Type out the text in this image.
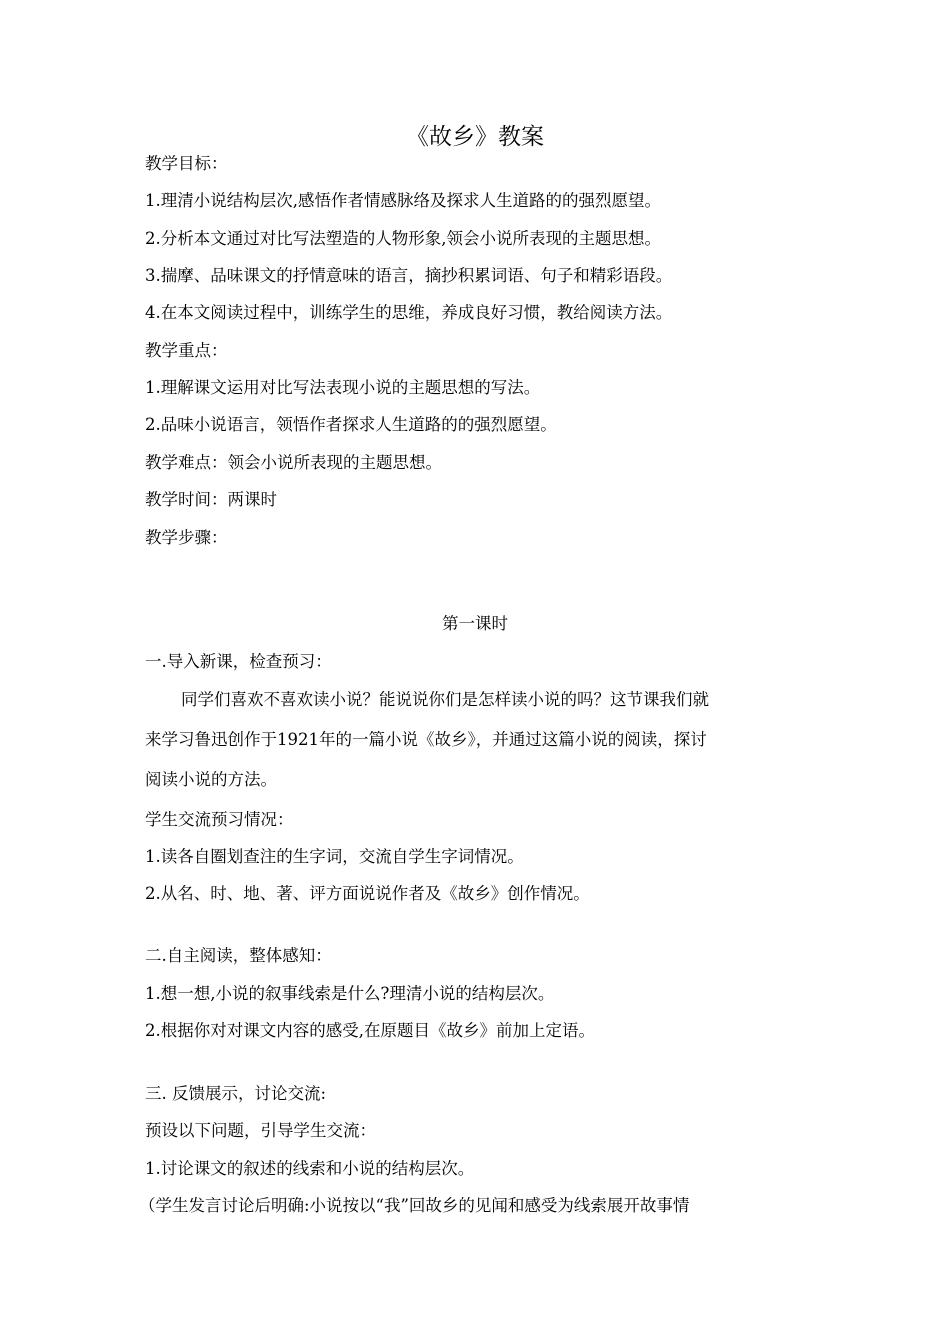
《故乡》教案
教学目标：
1.理清小说结构层次,感悟作者情感脉络及探求人生道路的的强烈愿望。
2.分析本文通过对比写法塑造的人物形象,领会小说所表现的主题思想。
3.揣摩、品味课文的抒情意味的语言，摘抄积累词语、句子和精彩语段。
4.在本文阅读过程中，训练学生的思维，养成良好习惯，教给阅读方法。
教学重点：
1.理解课文运用对比写法表现小说的主题思想的写法。
2.品味小说语言，领悟作者探求人生道路的的强烈愿望。
教学难点：领会小说所表现的主题思想。
教学时间：两课时
教学步骤：
第一课时
一.导入新课，检查预习：
同学们喜欢不喜欢读小说？能说说你们是怎样读小说的吗？这节课我们就
来学习鲁迅创作于1921年的一篇小说《故乡》，并通过这篇小说的阅读，探讨
阅读小说的方法。
学生交流预习情况：
1.读各自圈划查注的生字词，交流自学生字词情况。
2.从名、时、地、著、评方面说说作者及《故乡》创作情况。
二.自主阅读，整体感知：
1.想一想,小说的叙事线索是什么?理清小说的结构层次。
2.根据你对对课文内容的感受,在原题目《故乡》前加上定语。
三. 反馈展示，讨论交流:
预设以下问题，引导学生交流：
1.讨论课文的叙述的线索和小说的结构层次。
（学生发言讨论后明确:小说按以“我”回故乡的见闻和感受为线索展开故事情
